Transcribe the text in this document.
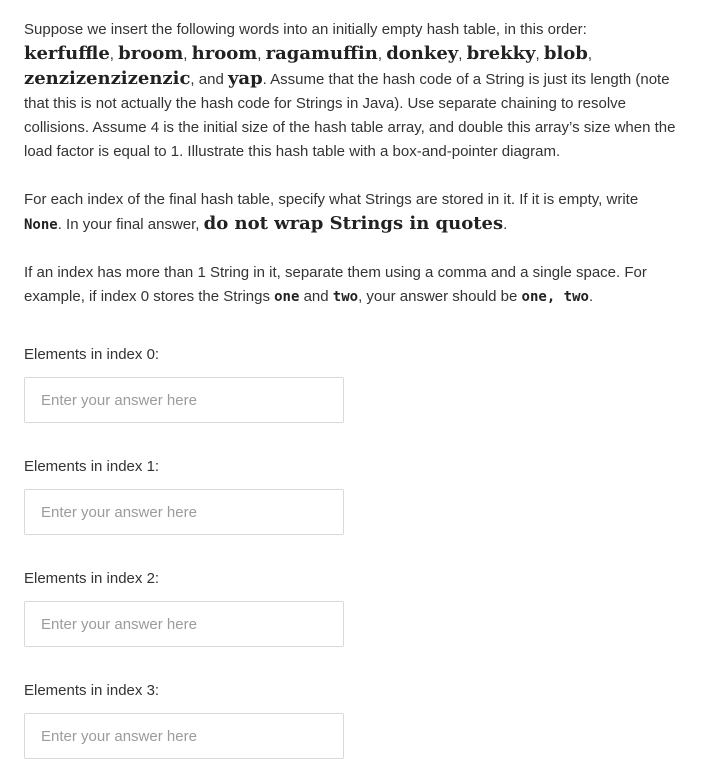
Suppose we insert the following words into an initially empty hash table, in this order:
kerfuffle, broom, hroom, ragamuffin, donkey, brekky, blob,
zenzizenzizenzic, and yap. Assume that the hash code of a String is just its length (note that this is not actually the hash code for Strings in Java). Use separate chaining to resolve collisions. Assume 4 is the initial size of the hash table array, and double this array’s size when the load factor is equal to 1. Illustrate this hash table with a box-and-pointer diagram.

For each index of the final hash table, specify what Strings are stored in it. If it is empty, write
None. In your final answer, do not wrap Strings in quotes.

If an index has more than 1 String in it, separate them using a comma and a single space. For example, if index 0 stores the Strings one and two, your answer should be one, two.

Elements in index 0:

Enter your answer here

Elements in index 1:

Enter your answer here

Elements in index 2:

Enter your answer here

Elements in index 3:

Enter your answer here
